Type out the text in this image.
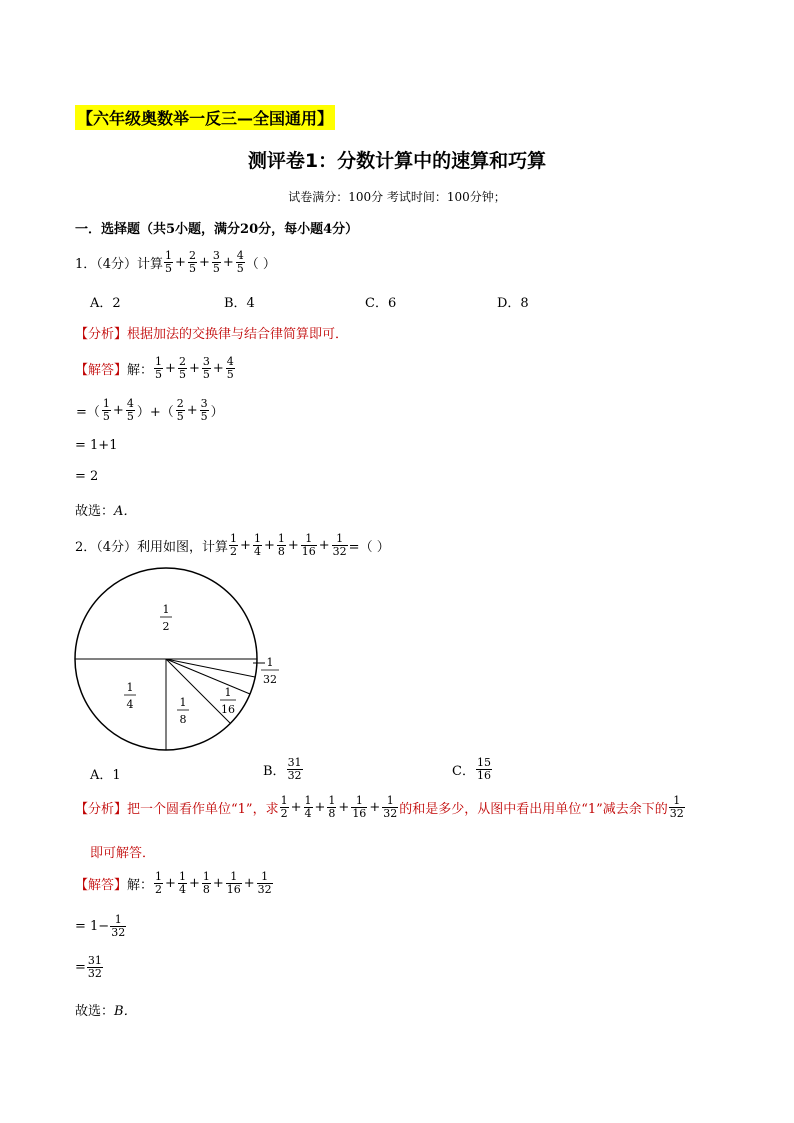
【六年级奥数举一反三—全国通用】
测评卷1：分数计算中的速算和巧算
试卷满分：100分 考试时间：100分钟；
一．选择题（共5小题，满分20分，每小题4分）
1．（4分）计算 $\frac{1}{5} + \frac{2}{5} + \frac{3}{5} + \frac{4}{5}$ （ ）
A．2	B．4	C．6	D．8
【分析】根据加法的交换律与结合律简算即可．
【解答】 解： $\frac{1}{5} + \frac{2}{5} + \frac{3}{5} + \frac{4}{5}$
=（ $\frac{1}{5} + \frac{4}{5}$ ）+（ $\frac{2}{5} + \frac{3}{5}$ ）
= 1+1
= 2
故选：A．
2．（4分）利用如图，计算 $\frac{1}{2} + \frac{1}{4} + \frac{1}{8} + \frac{1}{16} + \frac{1}{32}$ =（ ）
1
2
1
4	1
8
1
16
1
32
A．1	B． $\frac{31}{32}$	C． $\frac{15}{16}$
【分析】 把一个圆看作单位“1”，求 $\frac{1}{2} + \frac{1}{4} + \frac{1}{8} + \frac{1}{16} + \frac{1}{32}$ 的和是多少，从图中看出用单位“1”减去余下的 $\frac{1}{32}$
即可解答．
【解答】 解： $\frac{1}{2} + \frac{1}{4} + \frac{1}{8} + \frac{1}{16} + \frac{1}{32}$
= $1- \frac{1}{32}$
= $\frac{31}{32}$
故选：B．
